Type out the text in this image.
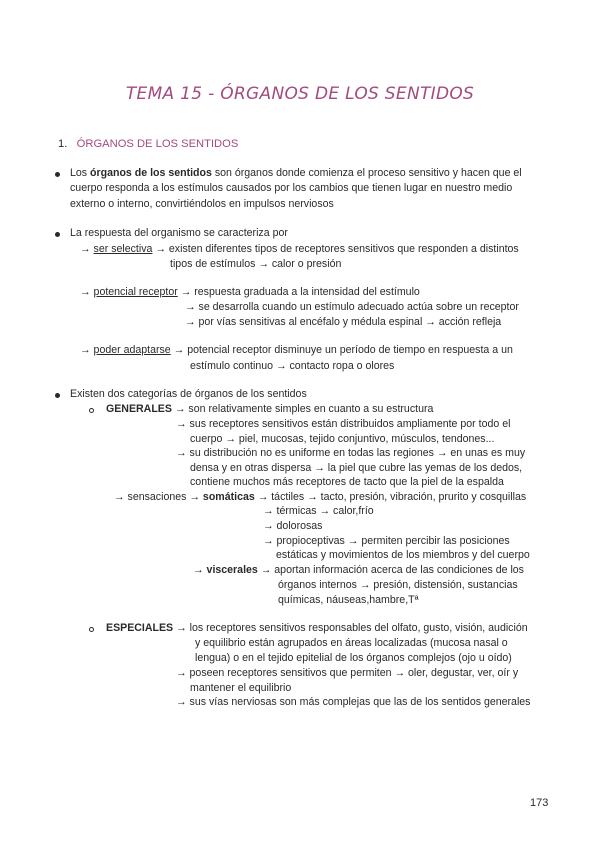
TEMA 15 - ÓRGANOS DE LOS SENTIDOS
1. ÓRGANOS DE LOS SENTIDOS
Los órganos de los sentidos son órganos donde comienza el proceso sensitivo y hacen que el
cuerpo responda a los estímulos causados por los cambios que tienen lugar en nuestro medio
externo o interno, convirtiéndolos en impulsos nerviosos
La respuesta del organismo se caracteriza por
→ ser selectiva → existen diferentes tipos de receptores sensitivos que responden a distintos
tipos de estímulos → calor o presión
→ potencial receptor → respuesta graduada a la intensidad del estímulo
→ se desarrolla cuando un estímulo adecuado actúa sobre un receptor
→ por vías sensitivas al encéfalo y médula espinal → acción refleja
→ poder adaptarse → potencial receptor disminuye un período de tiempo en respuesta a un
estímulo continuo → contacto ropa o olores
Existen dos categorías de órganos de los sentidos
GENERALES → son relativamente simples en cuanto a su estructura
→ sus receptores sensitivos están distribuidos ampliamente por todo el
cuerpo → piel, mucosas, tejido conjuntivo, músculos, tendones...
→ su distribución no es uniforme en todas las regiones → en unas es muy
densa y en otras dispersa → la piel que cubre las yemas de los dedos,
contiene muchos más receptores de tacto que la piel de la espalda
→ sensaciones → somáticas → táctiles → tacto, presión, vibración, prurito y cosquillas
→ térmicas → calor,frío
→ dolorosas
→ propioceptivas → permiten percibir las posiciones
estáticas y movimientos de los miembros y del cuerpo
→ viscerales → aportan información acerca de las condiciones de los
órganos internos → presión, distensión, sustancias
químicas, náuseas,hambre,Tª
ESPECIALES → los receptores sensitivos responsables del olfato, gusto, visión, audición
y equilibrio están agrupados en áreas localizadas (mucosa nasal o
lengua) o en el tejido epitelial de los órganos complejos (ojo u oído)
→ poseen receptores sensitivos que permiten → oler, degustar, ver, oír y
mantener el equilibrio
→ sus vías nerviosas son más complejas que las de los sentidos generales
173
